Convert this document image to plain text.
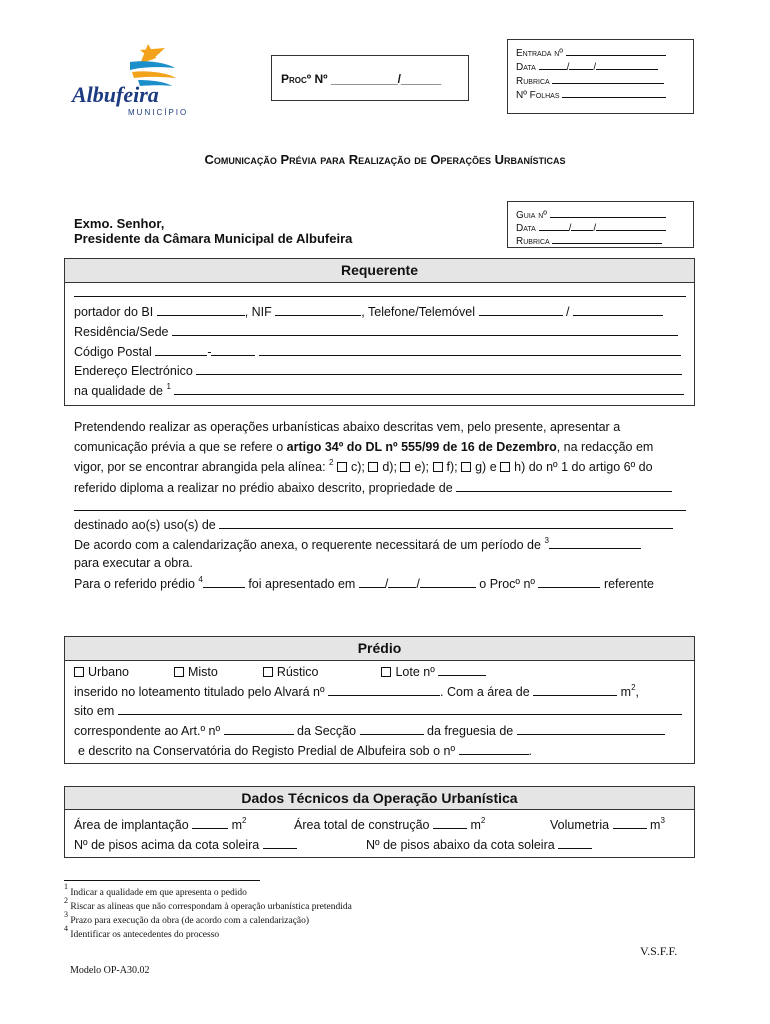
Albufeira
MUNICÍPIO
Procº Nº __________/______
Entrada nº
Data	/ /
Rubrica
Nº Folhas
Comunicação Prévia para Realização de Operações Urbanísticas
Exmo. Senhor,
Presidente da Câmara Municipal de Albufeira
Guia nº
Data	/ /
Rubrica
Requerente
portador do BI	, NIF	, Telefone/Telemóvel	/
Residência/Sede
Código Postal	-
Endereço Electrónico
na qualidade de $^1$
Pretendendo realizar as operações urbanísticas abaixo descritas vem, pelo presente, apresentar a
comunicação prévia a que se refere o artigo 34º do DL nº 555/99 de 16 de Dezembro, na redacção em
vigor, por se encontrar abrangida pela alínea: $^2$ c); d); e); f); g) e h) do nº 1 do artigo 6º do
referido diploma a realizar no prédio abaixo descrito, propriedade de
destinado ao(s) uso(s) de
De acordo com a calendarização anexa, o requerente necessitará de um período de $^3$
para executar a obra.
Para o referido prédio $^4$	foi apresentado em / /	o Procº nº	referente
Prédio
Urbano	Misto	Rústico	Lote nº
inserido no loteamento titulado pelo Alvará nº	. Com a área de	$m^2$,
sito em
correspondente ao Art.º nº	da Secção	da freguesia de
e descrito na Conservatória do Registo Predial de Albufeira sob o nº	.
Dados Técnicos da Operação Urbanística
Área de implantação	$m^2$	Área total de construção	$m^2$	Volumetria	$m^3$
Nº de pisos acima da cota soleira	Nº de pisos abaixo da cota soleira
$^1$ Indicar a qualidade em que apresenta o pedido
$^2$ Riscar as alíneas que não correspondam à operação urbanística pretendida
$^3$ Prazo para execução da obra (de acordo com a calendarização)
$^4$ Identificar os antecedentes do processo
V.S.F.F.
Modelo OP-A30.02
